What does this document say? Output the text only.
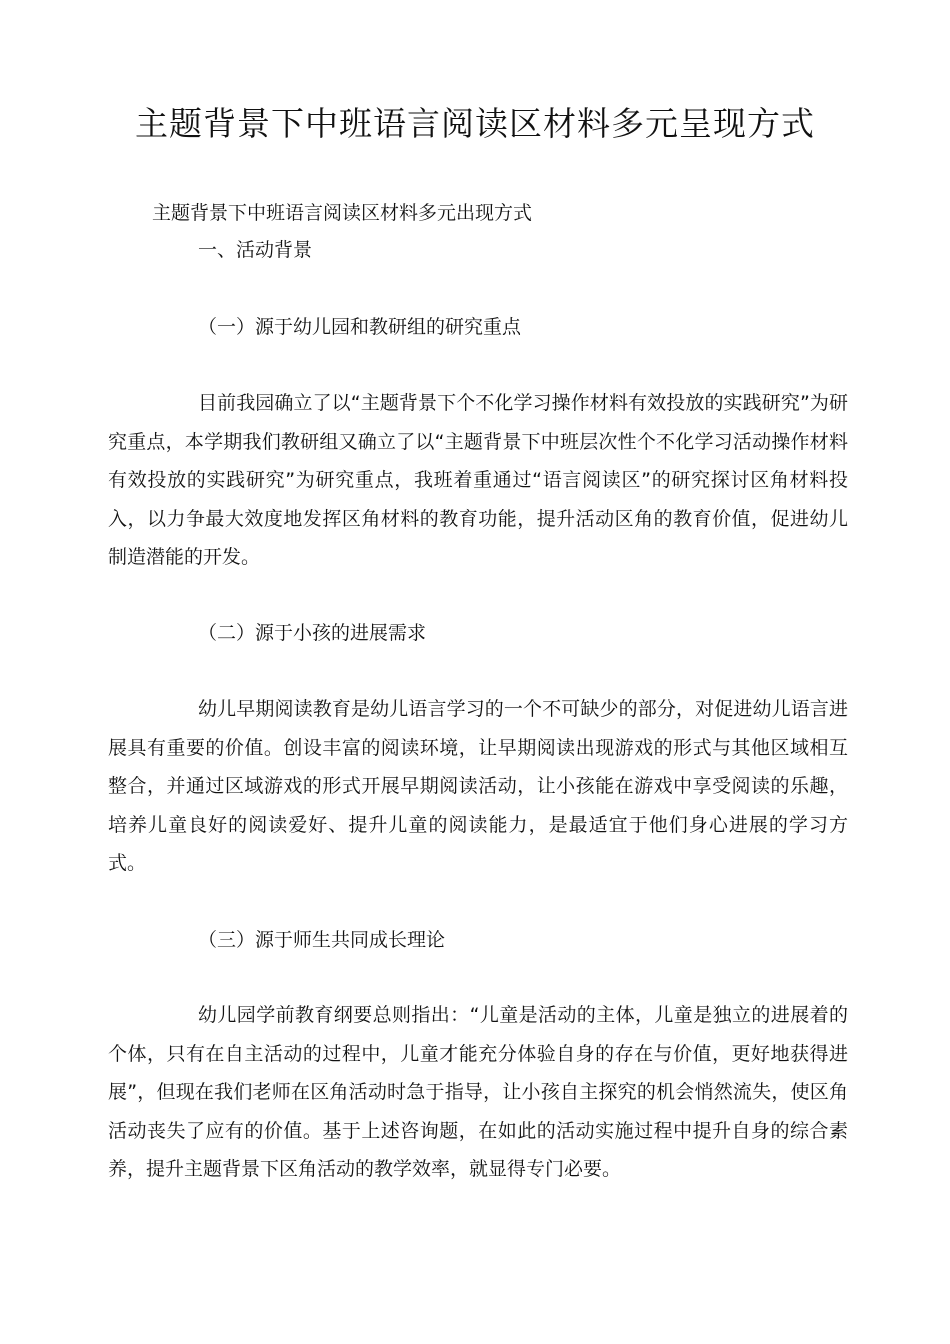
主题背景下中班语言阅读区材料多元呈现方式

主题背景下中班语言阅读区材料多元出现方式

一、活动背景

（一）源于幼儿园和教研组的研究重点

目前我园确立了以“主题背景下个不化学习操作材料有效投放的实践研究”为研究重点，本学期我们教研组又确立了以“主题背景下中班层次性个不化学习活动操作材料有效投放的实践研究”为研究重点，我班着重通过“语言阅读区”的研究探讨区角材料投入，以力争最大效度地发挥区角材料的教育功能，提升活动区角的教育价值，促进幼儿制造潜能的开发。

（二）源于小孩的进展需求

幼儿早期阅读教育是幼儿语言学习的一个不可缺少的部分，对促进幼儿语言进展具有重要的价值。创设丰富的阅读环境，让早期阅读出现游戏的形式与其他区域相互整合，并通过区域游戏的形式开展早期阅读活动，让小孩能在游戏中享受阅读的乐趣，培养儿童良好的阅读爱好、提升儿童的阅读能力，是最适宜于他们身心进展的学习方式。

（三）源于师生共同成长理论

幼儿园学前教育纲要总则指出：“儿童是活动的主体，儿童是独立的进展着的个体，只有在自主活动的过程中，儿童才能充分体验自身的存在与价值，更好地获得进展”，但现在我们老师在区角活动时急于指导，让小孩自主探究的机会悄然流失，使区角活动丧失了应有的价值。基于上述咨询题，在如此的活动实施过程中提升自身的综合素养，提升主题背景下区角活动的教学效率，就显得专门必要。
